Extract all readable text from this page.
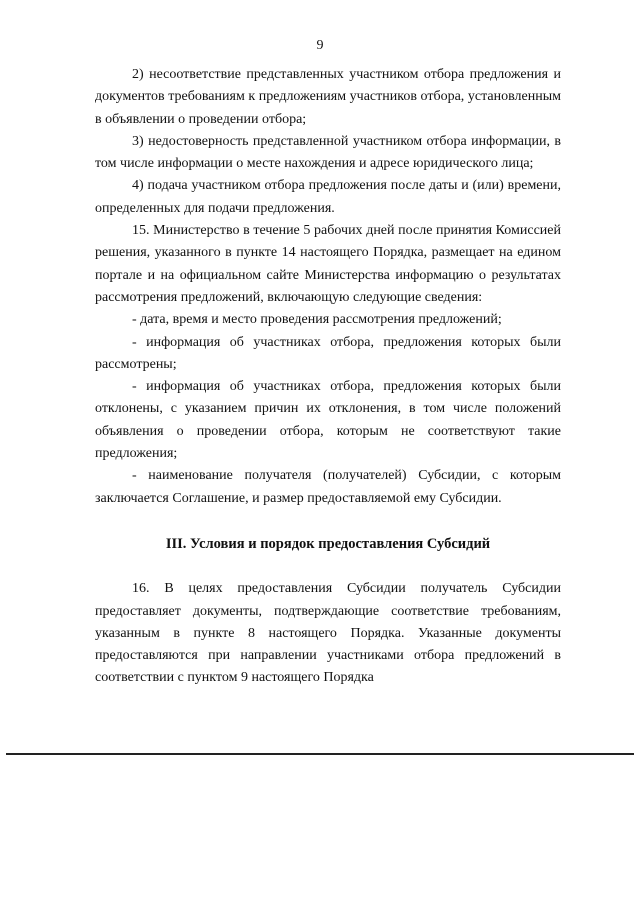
9

2) несоответствие представленных участником отбора предложения и документов требованиям к предложениям участников отбора, установленным в объявлении о проведении отбора;

3) недостоверность представленной участником отбора информации, в том числе информации о месте нахождения и адресе юридического лица;

4) подача участником отбора предложения после даты и (или) времени, определенных для подачи предложения.

15. Министерство в течение 5 рабочих дней после принятия Комиссией решения, указанного в пункте 14 настоящего Порядка, размещает на едином портале и на официальном сайте Министерства информацию о результатах рассмотрения предложений, включающую следующие сведения:

- дата, время и место проведения рассмотрения предложений;

- информация об участниках отбора, предложения которых были рассмотрены;

- информация об участниках отбора, предложения которых были отклонены, с указанием причин их отклонения, в том числе положений объявления о проведении отбора, которым не соответствуют такие предложения;

- наименование получателя (получателей) Субсидии, с которым заключается Соглашение, и размер предоставляемой ему Субсидии.

III. Условия и порядок предоставления Субсидий

16. В целях предоставления Субсидии получатель Субсидии предоставляет документы, подтверждающие соответствие требованиям, указанным в пункте 8 настоящего Порядка. Указанные документы предоставляются при направлении участниками отбора предложений в соответствии с пунктом 9 настоящего Порядка
